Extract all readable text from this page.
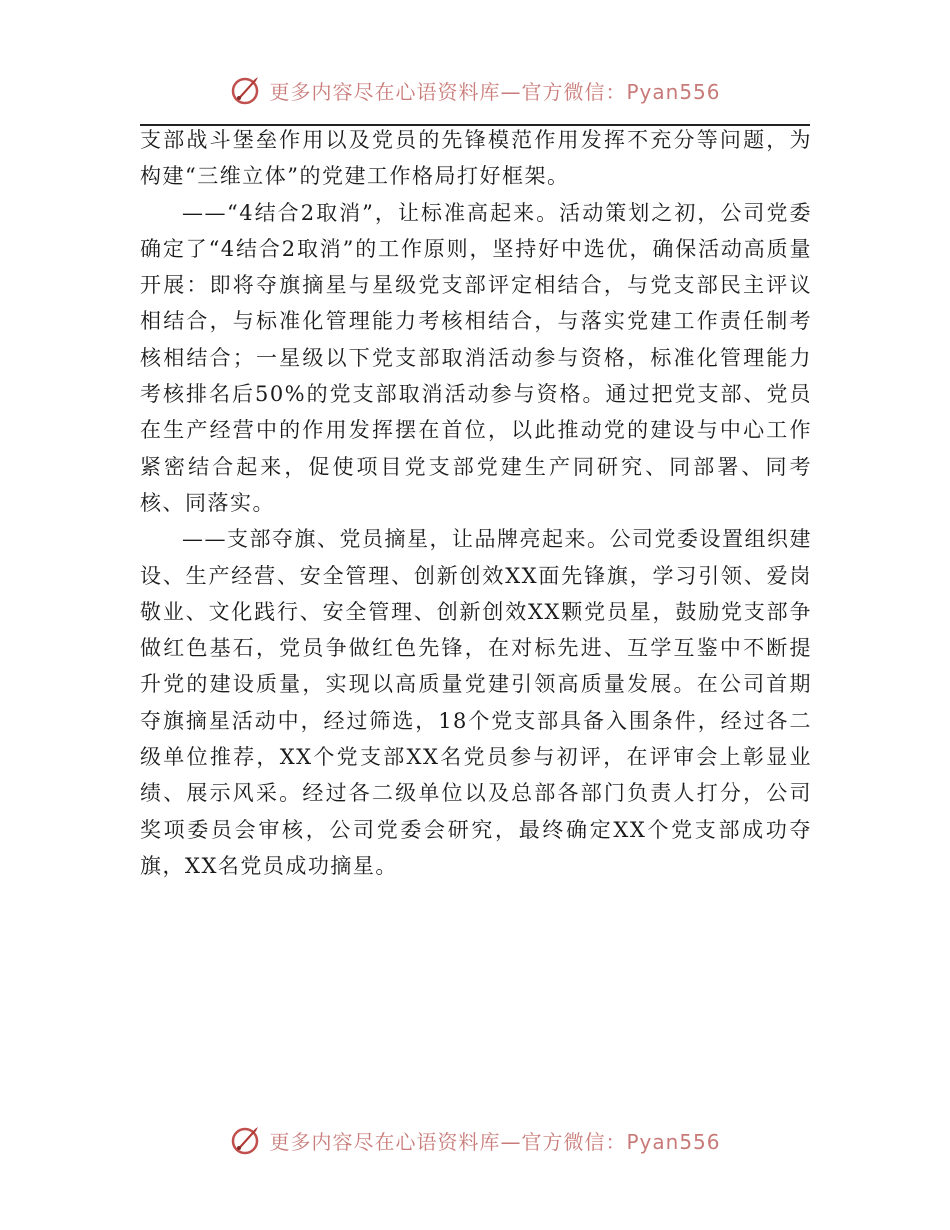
更多内容尽在心语资料库—官方微信：Pyan556

支部战斗堡垒作用以及党员的先锋模范作用发挥不充分等问题，为构建“三维立体”的党建工作格局打好框架。

——“4结合2取消”，让标准高起来。活动策划之初，公司党委确定了“4结合2取消”的工作原则，坚持好中选优，确保活动高质量开展：即将夺旗摘星与星级党支部评定相结合，与党支部民主评议相结合，与标准化管理能力考核相结合，与落实党建工作责任制考核相结合；一星级以下党支部取消活动参与资格，标准化管理能力考核排名后50%的党支部取消活动参与资格。通过把党支部、党员在生产经营中的作用发挥摆在首位，以此推动党的建设与中心工作紧密结合起来，促使项目党支部党建生产同研究、同部署、同考核、同落实。

——支部夺旗、党员摘星，让品牌亮起来。公司党委设置组织建设、生产经营、安全管理、创新创效XX面先锋旗，学习引领、爱岗敬业、文化践行、安全管理、创新创效XX颗党员星，鼓励党支部争做红色基石，党员争做红色先锋，在对标先进、互学互鉴中不断提升党的建设质量，实现以高质量党建引领高质量发展。在公司首期夺旗摘星活动中，经过筛选，18个党支部具备入围条件，经过各二级单位推荐，XX个党支部XX名党员参与初评，在评审会上彰显业绩、展示风采。经过各二级单位以及总部各部门负责人打分，公司奖项委员会审核，公司党委会研究，最终确定XX个党支部成功夺旗，XX名党员成功摘星。

更多内容尽在心语资料库—官方微信：Pyan556
